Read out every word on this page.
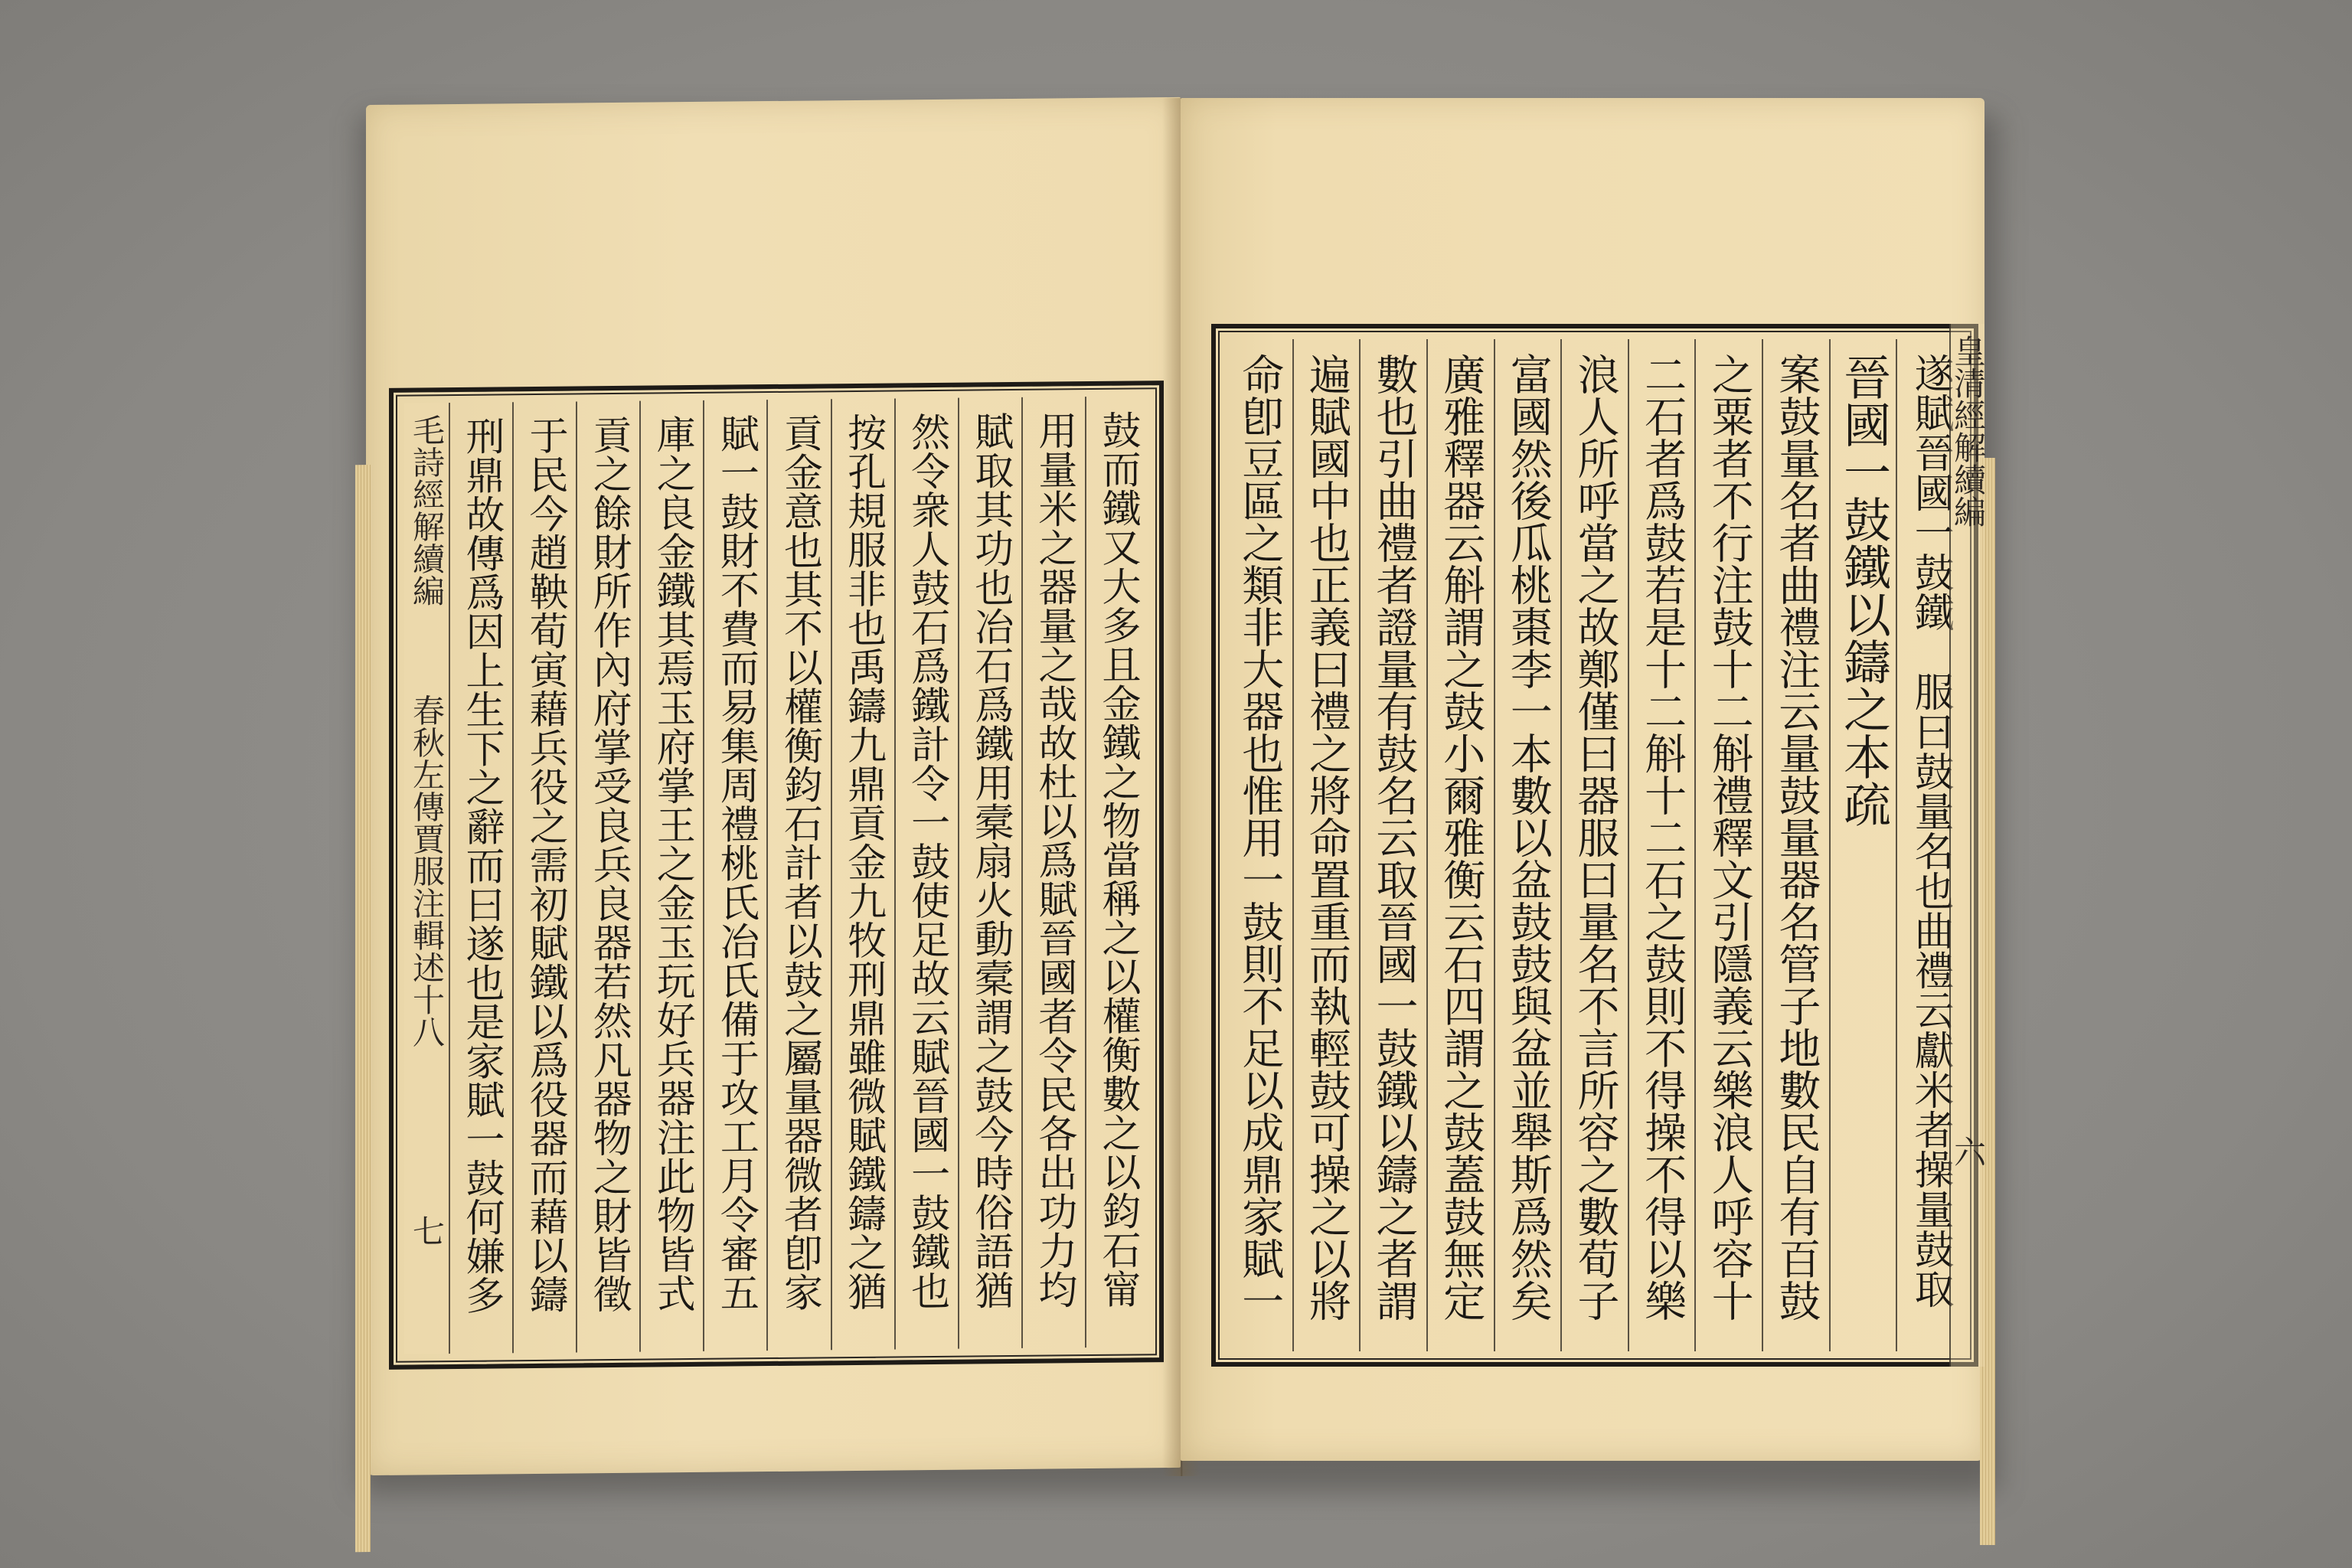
鼓而鐵又大多且金鐵之物當稱之以權衡數之以鈞石甯
用量米之器量之哉故杜以爲賦晉國者令民各出功力均
賦取其功也冶石爲鐵用槖扇火動槖謂之鼓今時俗語猶
然令衆人鼓石爲鐵計令一鼓使足故云賦晉國一鼓鐵也
按孔規服非也禹鑄九鼎貢金九牧刑鼎雖微賦鐵鑄之猶
貢金意也其不以權衡鈞石計者以鼓之屬量器微者卽家
賦一鼓財不費而易集周禮桃氏冶氏備于攻工月令審五
庫之良金鐵其焉玉府掌王之金玉玩好兵器注此物皆式
貢之餘財所作內府掌受良兵良器若然凡器物之財皆徵
于民今趙鞅荀寅藉兵役之需初賦鐵以爲役器而藉以鑄
刑鼎故傳爲因上生下之辭而曰遂也是家賦一鼓何嫌多
毛詩經解續編
春秋左傳賈服注輯述十八
七	遂賦晉國一鼓鐵　服曰鼓量名也曲禮云獻米者操量鼓取
晉國一鼓鐵以鑄之本疏
案鼓量名者曲禮注云量鼓量器名管子地數民自有百鼓
之粟者不行注鼓十二斛禮釋文引隱義云樂浪人呼容十
二石者爲鼓若是十二斛十二石之鼓則不得操不得以樂
浪人所呼當之故鄭僅曰器服曰量名不言所容之數荀子
富國然後瓜桃棗李一本數以盆鼓鼓與盆並舉斯爲然矣
廣雅釋器云斛謂之鼓小爾雅衡云石四謂之鼓蓋鼓無定
數也引曲禮者證量有鼓名云取晉國一鼓鐵以鑄之者謂
遍賦國中也正義曰禮之將命置重而執輕鼓可操之以將
命卽豆區之類非大器也惟用一鼓則不足以成鼎家賦一	皇清經解續編
六
